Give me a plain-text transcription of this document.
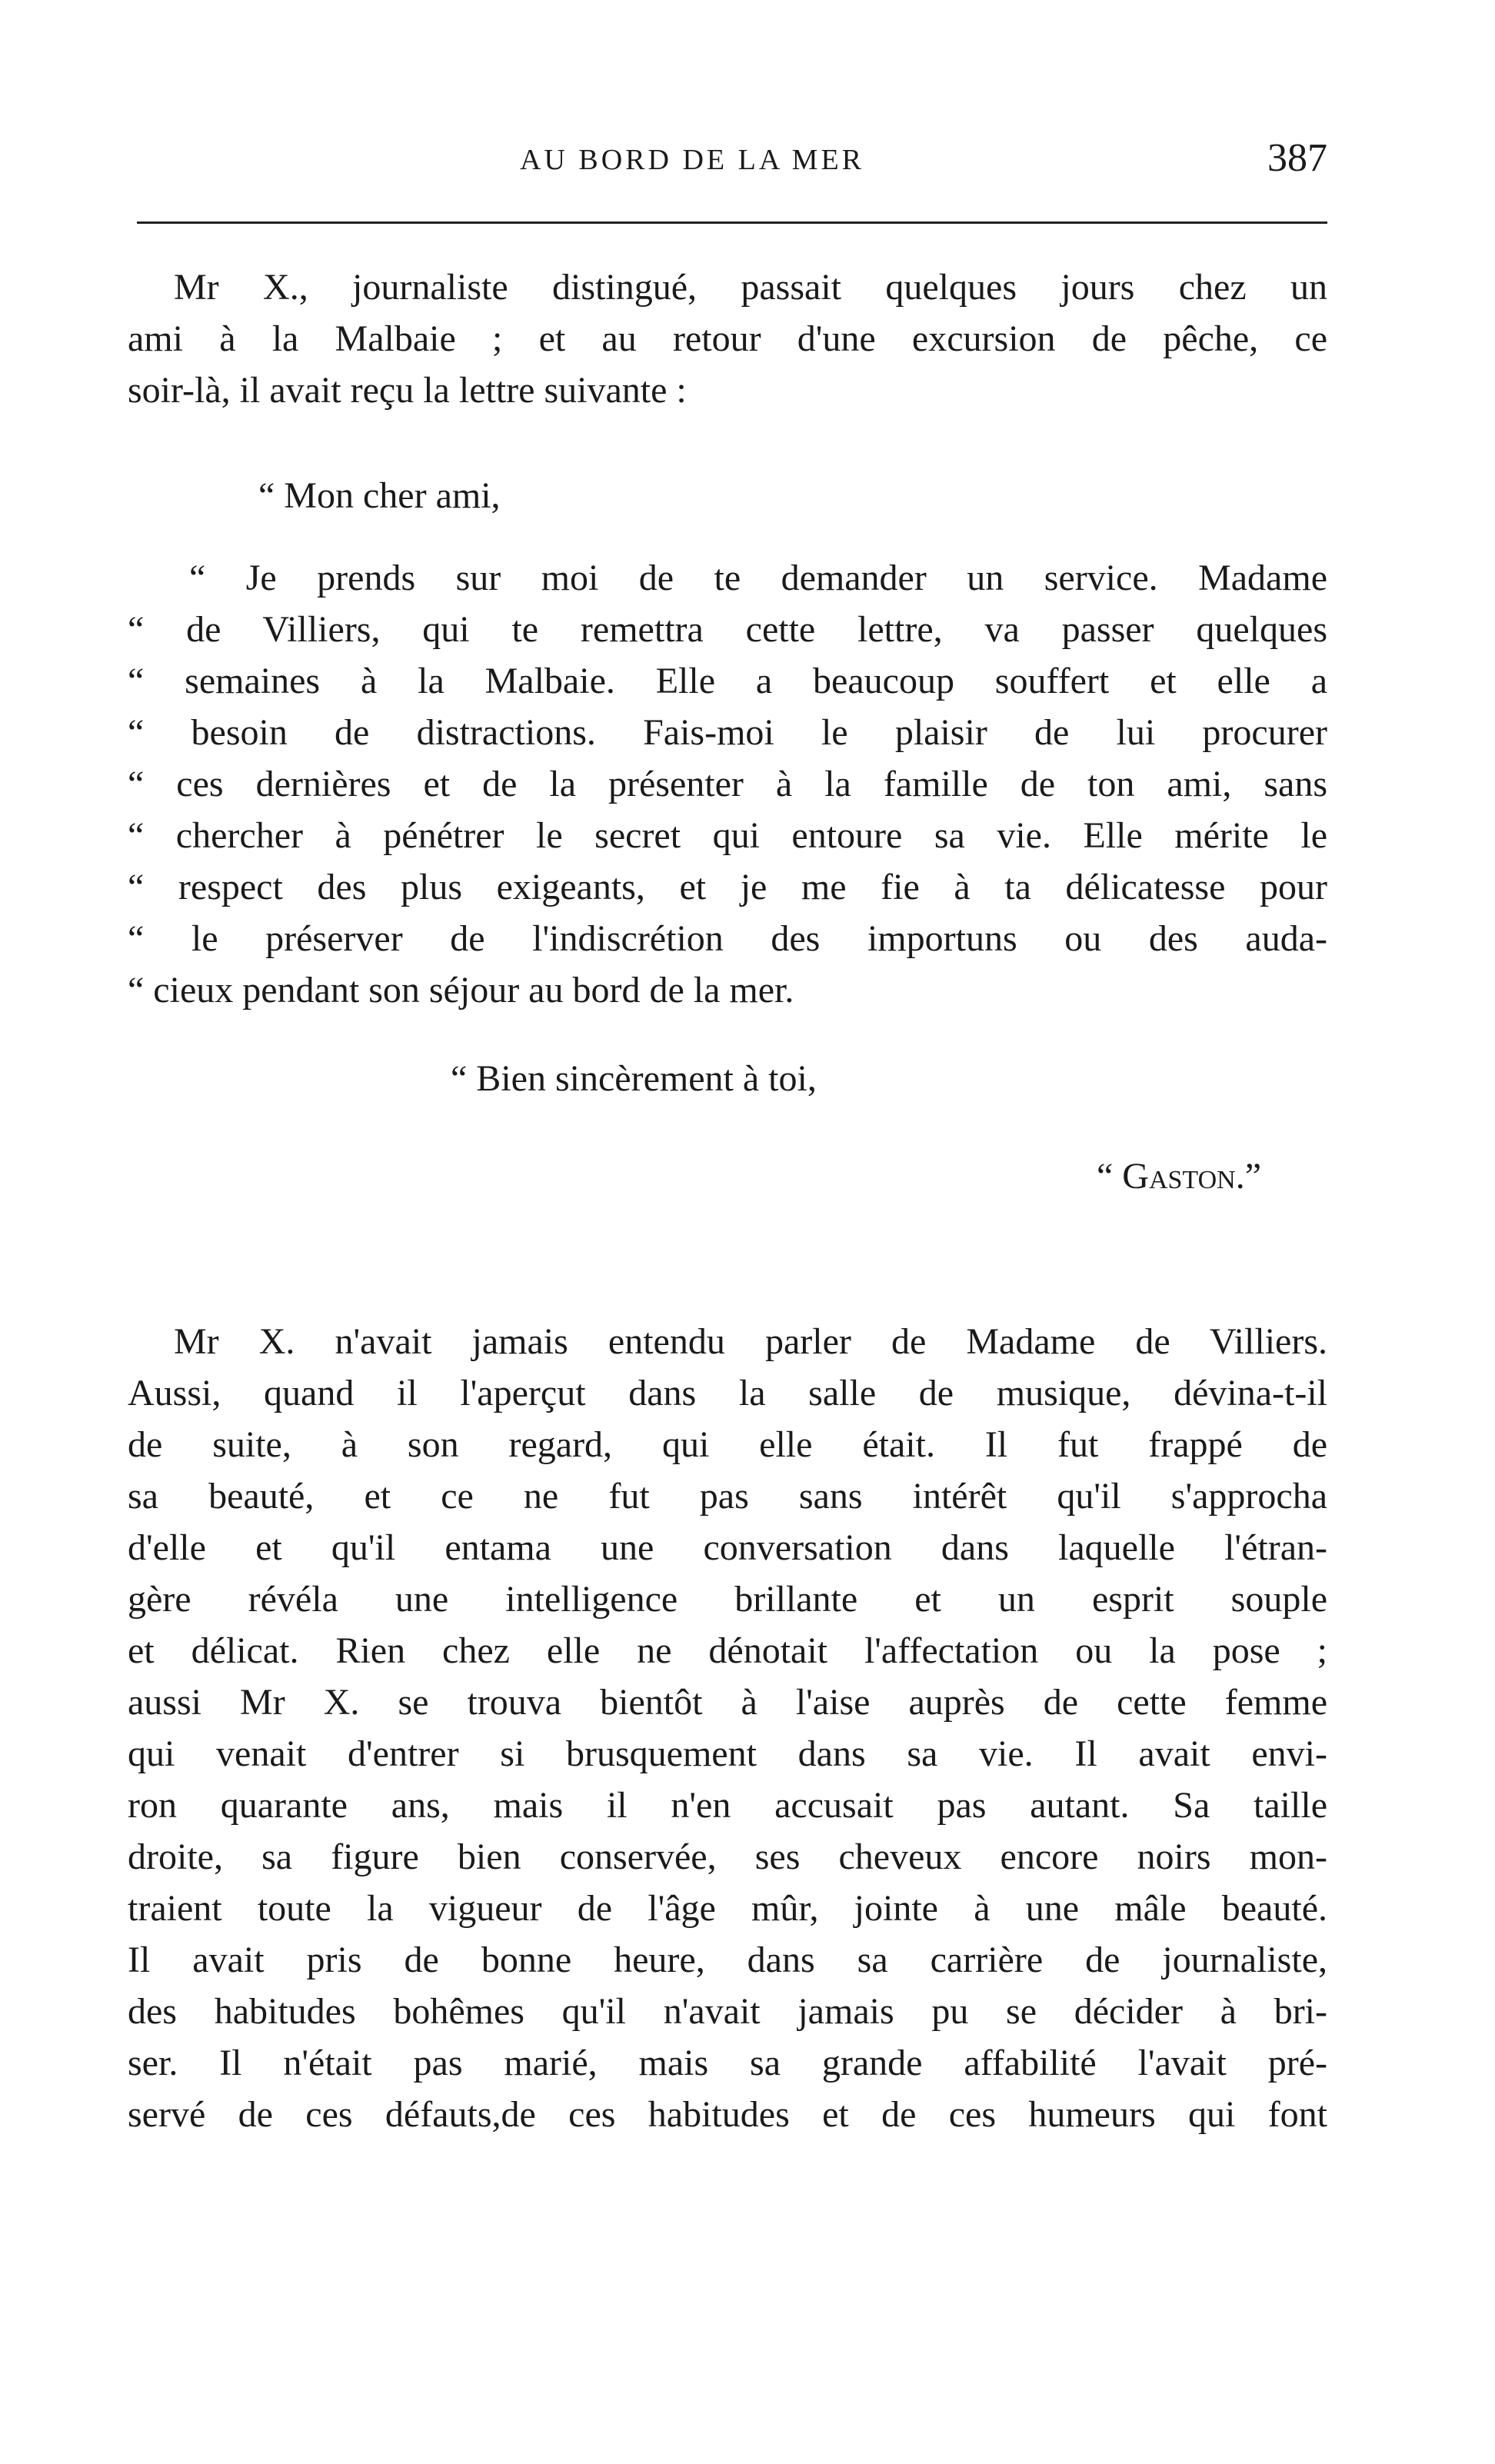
AU BORD DE LA MER	387
Mr X., journaliste distingué, passait quelques jours chez un
ami à la Malbaie ; et au retour d'une excursion de pêche, ce
soir-là, il avait reçu la lettre suivante :
“ Mon cher ami,
“ Je prends sur moi de te demander un service. Madame
“ de Villiers, qui te remettra cette lettre, va passer quelques
“ semaines à la Malbaie. Elle a beaucoup souffert et elle a
“ besoin de distractions. Fais-moi le plaisir de lui procurer
“ ces dernières et de la présenter à la famille de ton ami, sans
“ chercher à pénétrer le secret qui entoure sa vie. Elle mérite le
“ respect des plus exigeants, et je me fie à ta délicatesse pour
“ le préserver de l'indiscrétion des importuns ou des auda-
“ cieux pendant son séjour au bord de la mer.
“ Bien sincèrement à toi,
“ Gaston.”
Mr X. n'avait jamais entendu parler de Madame de Villiers.
Aussi, quand il l'aperçut dans la salle de musique, dévina-t-il
de suite, à son regard, qui elle était. Il fut frappé de
sa beauté, et ce ne fut pas sans intérêt qu'il s'approcha
d'elle et qu'il entama une conversation dans laquelle l'étran-
gère révéla une intelligence brillante et un esprit souple
et délicat. Rien chez elle ne dénotait l'affectation ou la pose ;
aussi Mr X. se trouva bientôt à l'aise auprès de cette femme
qui venait d'entrer si brusquement dans sa vie. Il avait envi-
ron quarante ans, mais il n'en accusait pas autant. Sa taille
droite, sa figure bien conservée, ses cheveux encore noirs mon-
traient toute la vigueur de l'âge mûr, jointe à une mâle beauté.
Il avait pris de bonne heure, dans sa carrière de journaliste,
des habitudes bohêmes qu'il n'avait jamais pu se décider à bri-
ser. Il n'était pas marié, mais sa grande affabilité l'avait pré-
servé de ces défauts,de ces habitudes et de ces humeurs qui font
